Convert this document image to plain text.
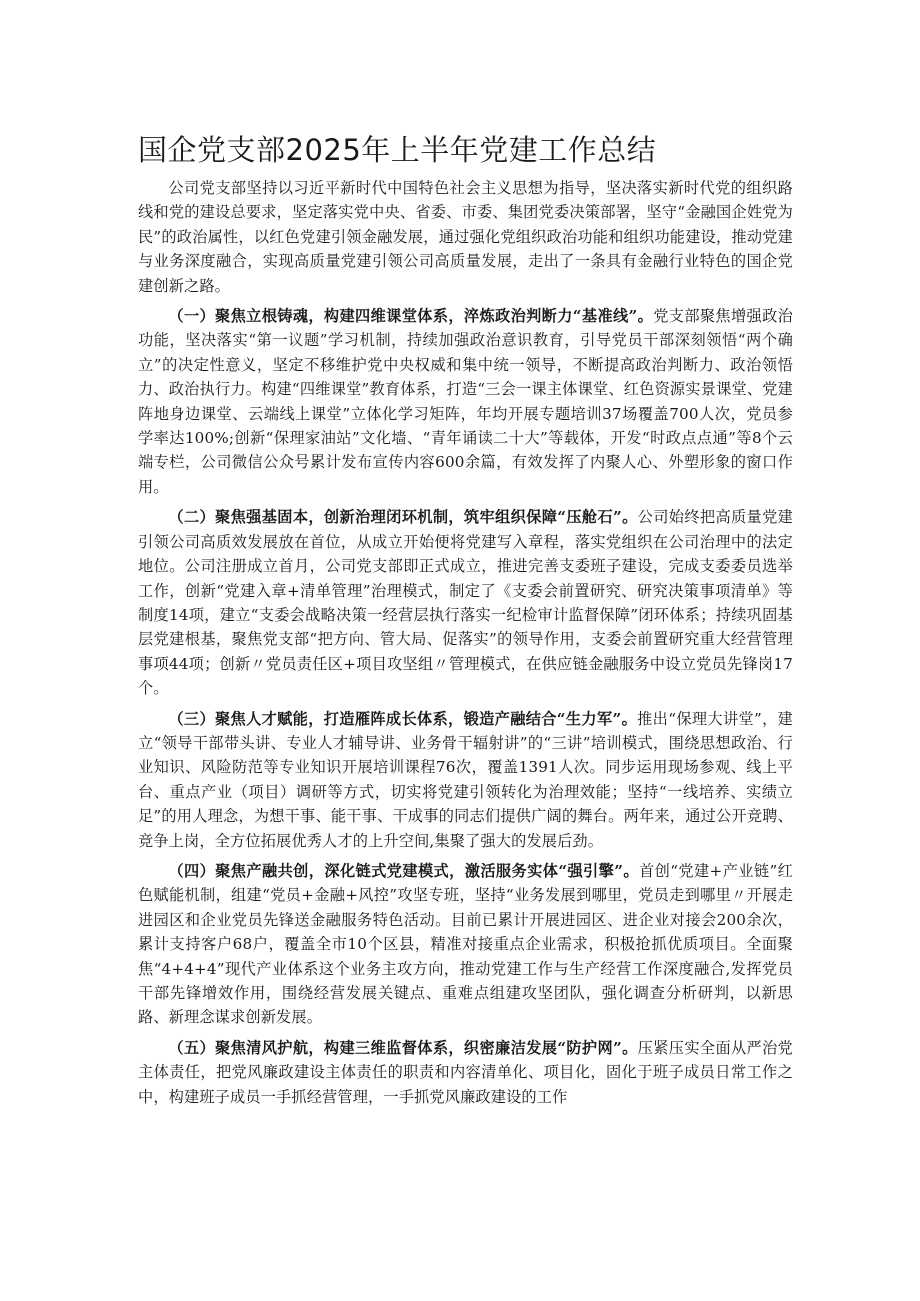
国企党支部2025年上半年党建工作总结

公司党支部坚持以习近平新时代中国特色社会主义思想为指导，坚决落实新时代党的组织路线和党的建设总要求，坚定落实党中央、省委、市委、集团党委决策部署，坚守“金融国企姓党为民”的政治属性，以红色党建引领金融发展，通过强化党组织政治功能和组织功能建设，推动党建与业务深度融合，实现高质量党建引领公司高质量发展，走出了一条具有金融行业特色的国企党建创新之路。

（一）聚焦立根铸魂，构建四维课堂体系，淬炼政治判断力“基准线”。党支部聚焦增强政治功能，坚决落实“第一议题”学习机制，持续加强政治意识教育，引导党员干部深刻领悟“两个确立”的决定性意义，坚定不移维护党中央权威和集中统一领导，不断提高政治判断力、政治领悟力、政治执行力。构建“四维课堂”教育体系，打造“三会一课主体课堂、红色资源实景课堂、党建阵地身边课堂、云端线上课堂”立体化学习矩阵，年均开展专题培训37场覆盖700人次，党员参学率达100%;创新“保理家油站”文化墙、“青年诵读二十大”等载体，开发“时政点点通”等8个云端专栏，公司微信公众号累计发布宣传内容600余篇，有效发挥了内聚人心、外塑形象的窗口作用。

（二）聚焦强基固本，创新治理闭环机制，筑牢组织保障“压舱石”。公司始终把高质量党建引领公司高质效发展放在首位，从成立开始便将党建写入章程，落实党组织在公司治理中的法定地位。公司注册成立首月，公司党支部即正式成立，推进完善支委班子建设，完成支委委员选举工作，创新“党建入章+清单管理”治理模式，制定了《支委会前置研究、研究决策事项清单》等制度14项，建立“支委会战略决策一经营层执行落实一纪检审计监督保障”闭环体系；持续巩固基层党建根基，聚焦党支部“把方向、管大局、促落实”的领导作用，支委会前置研究重大经营管理事项44项；创新〃党员责任区+项目攻坚组〃管理模式，在供应链金融服务中设立党员先锋岗17个。

（三）聚焦人才赋能，打造雁阵成长体系，锻造产融结合“生力军”。推出“保理大讲堂”，建立“领导干部带头讲、专业人才辅导讲、业务骨干辐射讲”的“三讲”培训模式，围绕思想政治、行业知识、风险防范等专业知识开展培训课程76次，覆盖1391人次。同步运用现场参观、线上平台、重点产业（项目）调研等方式，切实将党建引领转化为治理效能；坚持“一线培养、实绩立足”的用人理念，为想干事、能干事、干成事的同志们提供广阔的舞台。两年来，通过公开竞聘、竞争上岗，全方位拓展优秀人才的上升空间,集聚了强大的发展后劲。

（四）聚焦产融共创，深化链式党建模式，激活服务实体“强引擎”。首创“党建+产业链”红色赋能机制，组建“党员+金融+风控”攻坚专班，坚持“业务发展到哪里，党员走到哪里〃开展走进园区和企业党员先锋送金融服务特色活动。目前已累计开展进园区、进企业对接会200余次，累计支持客户68户，覆盖全市10个区县，精准对接重点企业需求，积极抢抓优质项目。全面聚焦“4+4+4”现代产业体系这个业务主攻方向，推动党建工作与生产经营工作深度融合,发挥党员干部先锋增效作用，围绕经营发展关键点、重难点组建攻坚团队，强化调查分析研判，以新思路、新理念谋求创新发展。

（五）聚焦清风护航，构建三维监督体系，织密廉洁发展“防护网”。压紧压实全面从严治党主体责任，把党风廉政建设主体责任的职责和内容清单化、项目化，固化于班子成员日常工作之中，构建班子成员一手抓经营管理，一手抓党风廉政建设的工作
